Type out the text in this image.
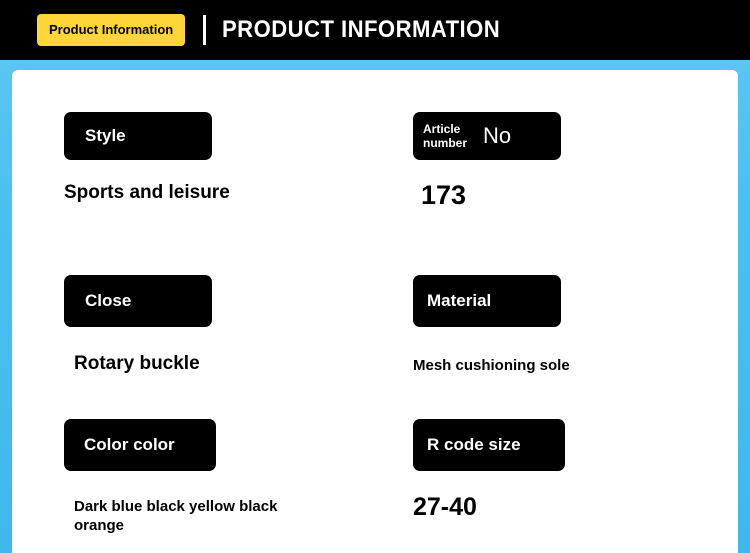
Product Information	PRODUCT INFORMATION
Style
Sports and leisure
Article
number No
173
Close
Rotary buckle
Material
Mesh cushioning sole
Color color
Dark blue black yellow black orange
R code size
27-40
